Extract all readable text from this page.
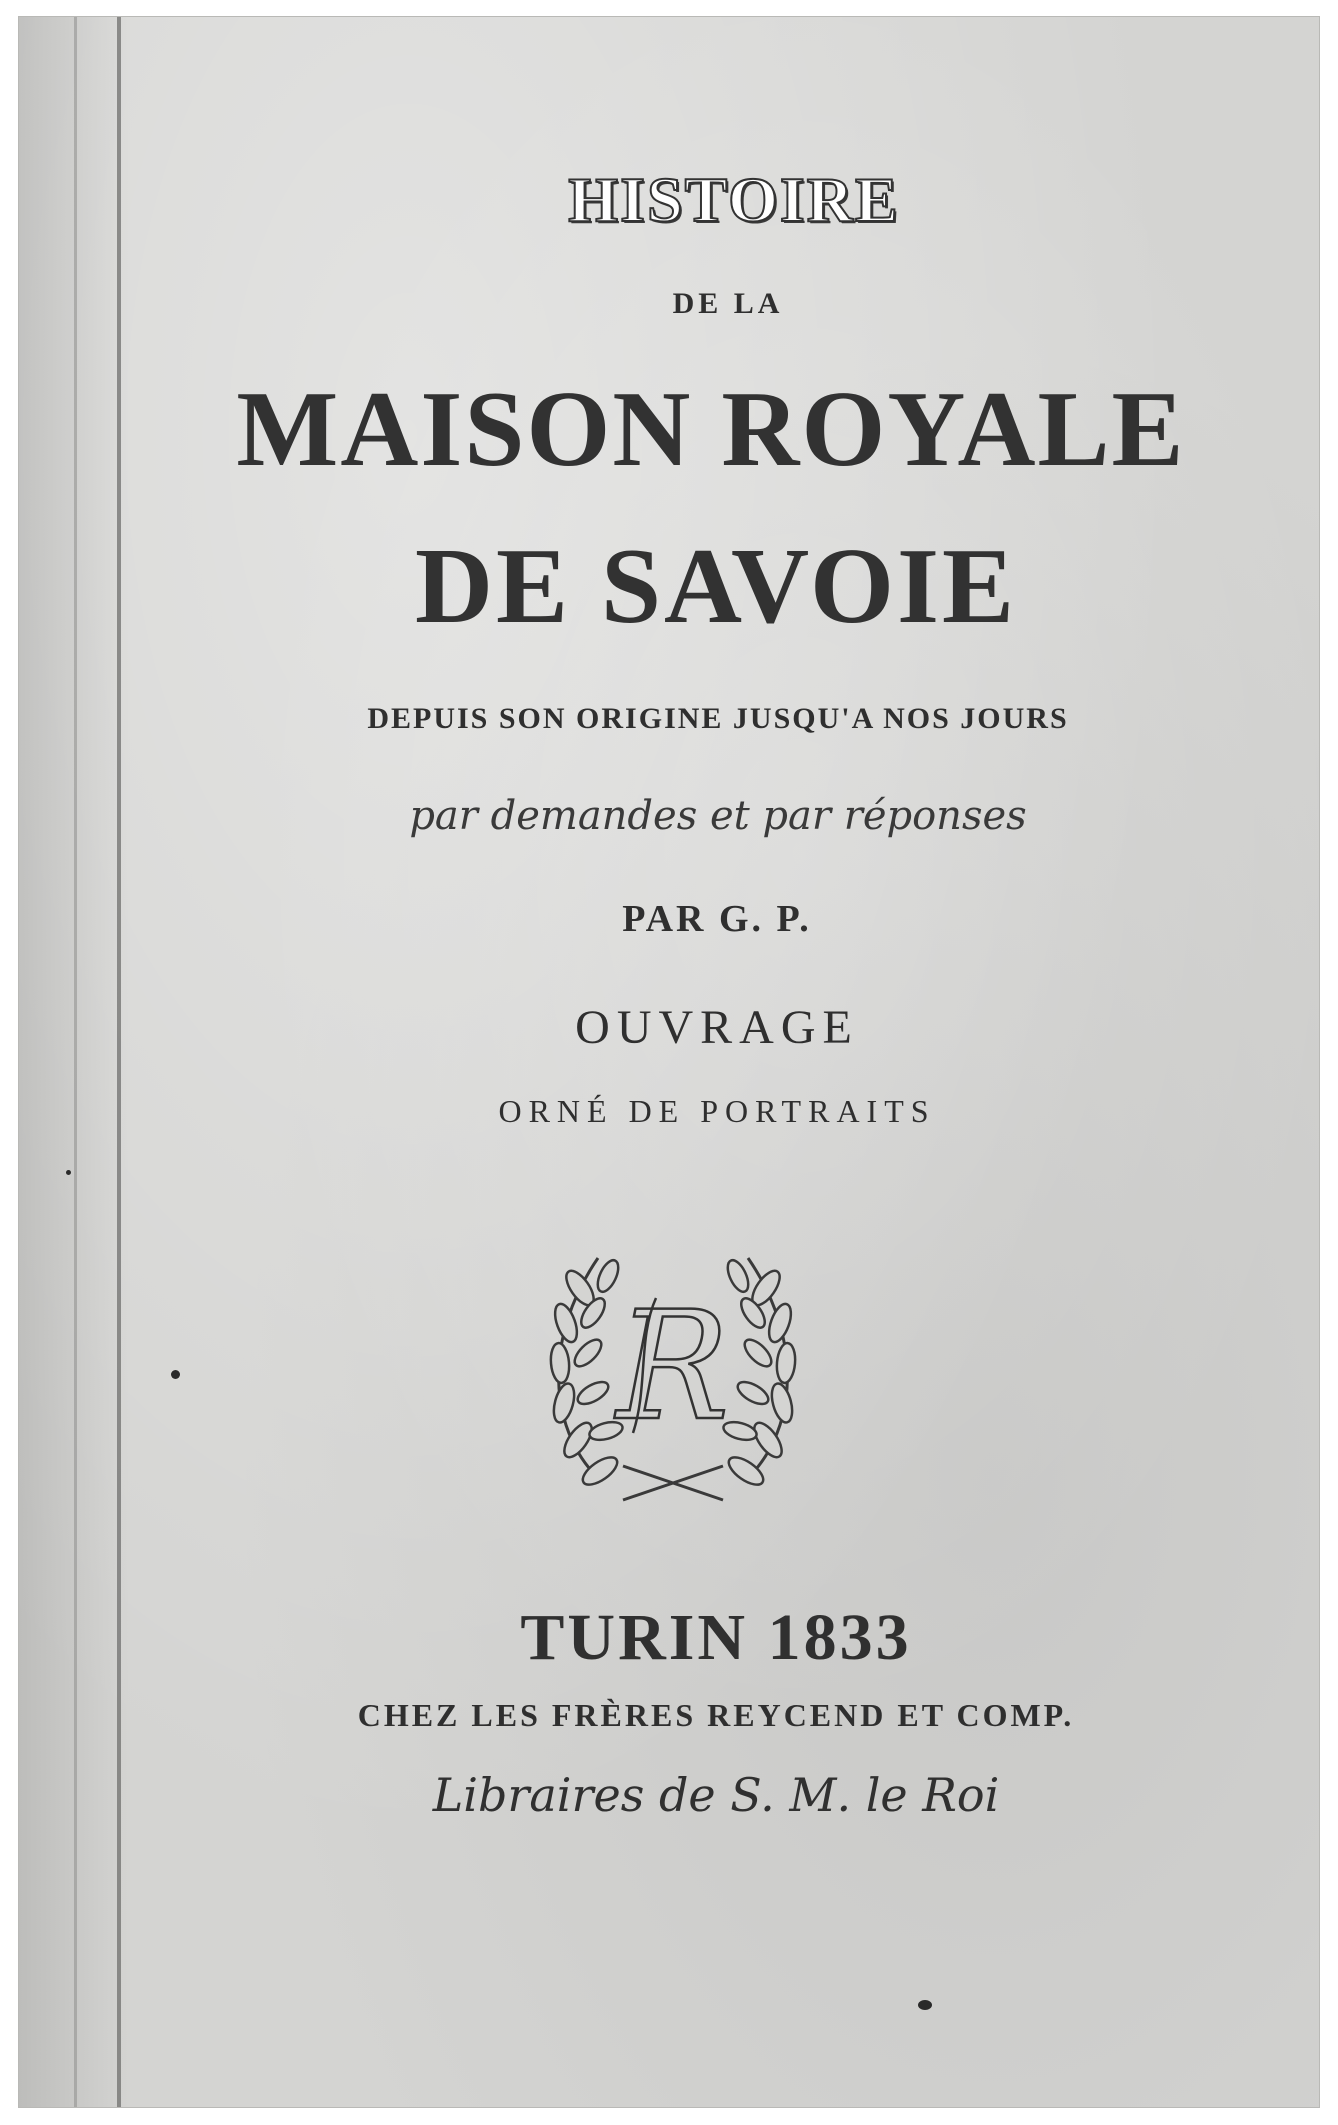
HISTOIRE
DE LA
MAISON ROYALE
DE SAVOIE
DEPUIS SON ORIGINE JUSQU'A NOS JOURS
par demandes et par réponses
PAR G. P.
OUVRAGE
ORNÉ DE PORTRAITS
R
TURIN 1833
CHEZ LES FRÈRES REYCEND ET COMP.
Libraires de S. M. le Roi
